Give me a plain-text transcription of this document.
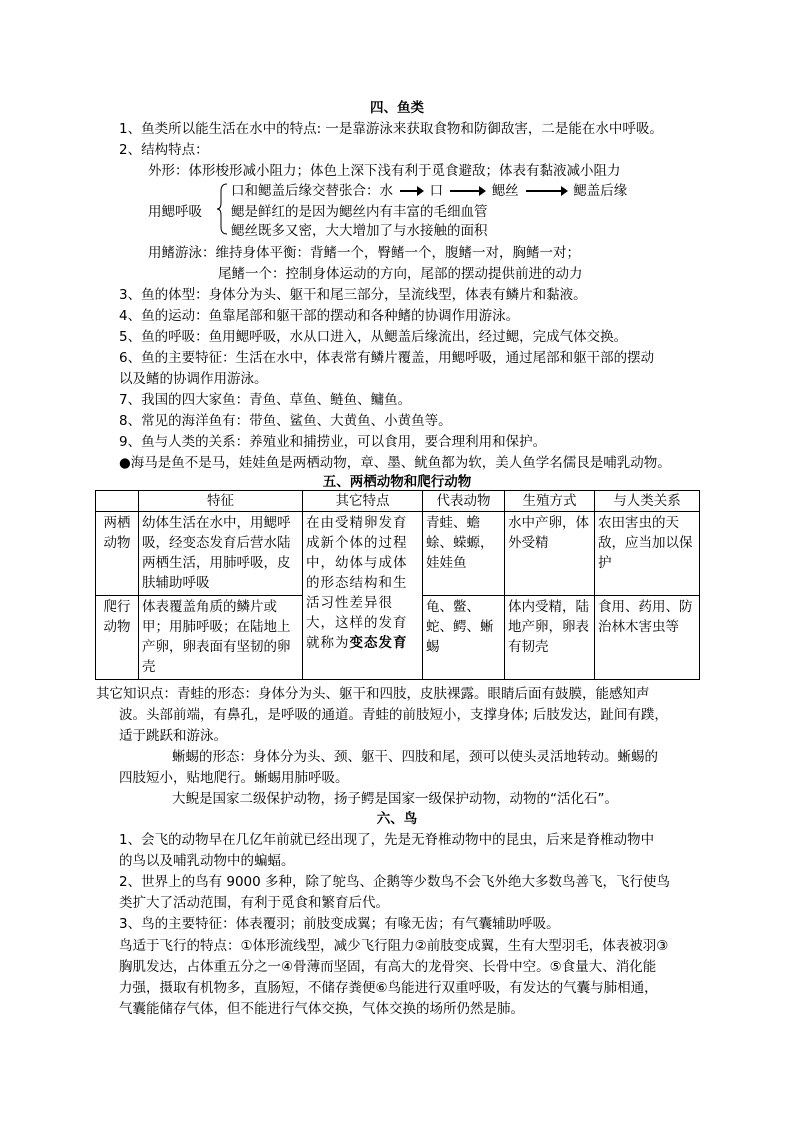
四、鱼类
1、鱼类所以能生活在水中的特点: 一是靠游泳来获取食物和防御敌害，二是能在水中呼吸。
2、结构特点：
外形：体形梭形减小阻力；体色上深下浅有利于觅食避敌；体表有黏液减小阻力
用鳃呼吸
口和鳃盖后缘交替张合：水	口	鳃丝	鳃盖后缘
鳃是鲜红的是因为鳃丝内有丰富的毛细血管
鳃丝既多又密，大大增加了与水接触的面积
用鳍游泳：维持身体平衡：背鳍一个，臀鳍一个，腹鳍一对，胸鳍一对；
尾鳍一个：控制身体运动的方向，尾部的摆动提供前进的动力
3、鱼的体型：身体分为头、躯干和尾三部分，呈流线型，体表有鳞片和黏液。
4、鱼的运动：鱼靠尾部和躯干部的摆动和各种鳍的协调作用游泳。
5、鱼的呼吸：鱼用鳃呼吸，水从口进入，从鳃盖后缘流出，经过鳃，完成气体交换。
6、鱼的主要特征：生活在水中，体表常有鳞片覆盖，用鳃呼吸，通过尾部和躯干部的摆动
以及鳍的协调作用游泳。
7、我国的四大家鱼：青鱼、草鱼、鲢鱼、鳙鱼。
8、常见的海洋鱼有：带鱼、鲨鱼、大黄鱼、小黄鱼等。
9、鱼与人类的关系：养殖业和捕捞业，可以食用，要合理利用和保护。
●海马是鱼不是马，娃娃鱼是两栖动物，章、墨、鱿鱼都为软，美人鱼学名儒艮是哺乳动物。
五、两栖动物和爬行动物
	特征	其它特点	代表动物	生殖方式	与人类关系
两栖动物	幼体生活在水中，用鳃呼吸，经变态发育后营水陆两栖生活，用肺呼吸，皮肤辅助呼吸	在由受精卵发育成新个体的过程中，幼体与成体的形态结构和生活习性差异很大，这样的发育就称为变态发育	青蛙、蟾蜍、蝾螈，娃娃鱼	水中产卵，体外受精	农田害虫的天敌，应当加以保护
爬行动物	体表覆盖角质的鳞片或甲；用肺呼吸；在陆地上产卵，卵表面有坚韧的卵壳		龟、鳖、蛇、鳄、蜥蜴	体内受精，陆地产卵，卵表有韧壳	食用、药用、防治林木害虫等
其它知识点：青蛙的形态：身体分为头、躯干和四肢，皮肤裸露。眼睛后面有鼓膜，能感知声
波。头部前端，有鼻孔，是呼吸的通道。青蛙的前肢短小，支撑身体; 后肢发达，趾间有蹼，
适于跳跃和游泳。
蜥蜴的形态：身体分为头、颈、躯干、四肢和尾，颈可以使头灵活地转动。蜥蜴的
四肢短小，贴地爬行。蜥蜴用肺呼吸。
大鲵是国家二级保护动物，扬子鳄是国家一级保护动物，动物的“活化石”。
六、鸟
1、会飞的动物早在几亿年前就已经出现了，先是无脊椎动物中的昆虫，后来是脊椎动物中
的鸟以及哺乳动物中的蝙蝠。
2、世界上的鸟有 9000 多种，除了鸵鸟、企鹅等少数鸟不会飞外绝大多数鸟善飞，飞行使鸟
类扩大了活动范围，有利于觅食和繁育后代。
3、鸟的主要特征：体表覆羽；前肢变成翼；有喙无齿；有气囊辅助呼吸。
鸟适于飞行的特点：①体形流线型，减少飞行阻力②前肢变成翼，生有大型羽毛，体表被羽③
胸肌发达，占体重五分之一④骨薄而坚固，有高大的龙骨突、长骨中空。⑤食量大、消化能
力强，摄取有机物多，直肠短，不储存粪便⑥鸟能进行双重呼吸，有发达的气囊与肺相通，
气囊能储存气体，但不能进行气体交换，气体交换的场所仍然是肺。
